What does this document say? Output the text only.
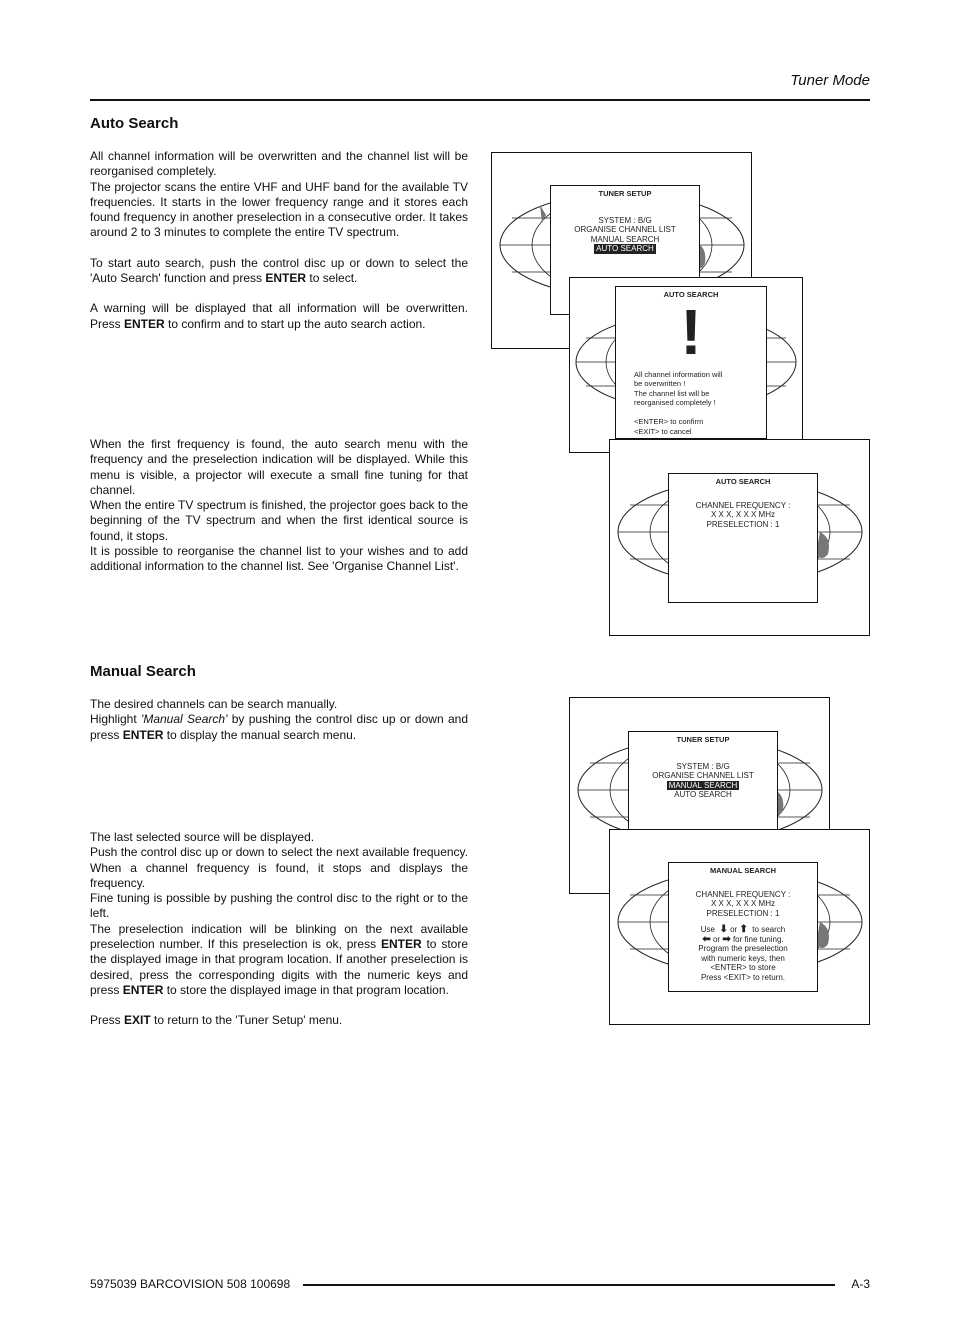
Tuner Mode
Auto Search

All channel information will be overwritten and the channel list will be reorganised completely.

The projector scans the entire VHF and UHF band for the available TV frequencies. It starts in the lower frequency range and it stores each found frequency in another preselection in a consecutive order. It takes around 2 to 3 minutes to complete the entire TV spectrum.

To start auto search, push the control disc up or down to select the 'Auto Search' function and press ENTER to select.

A warning will be displayed that all information will be overwritten. Press ENTER to confirm and to start up the auto search action.

When the first frequency is found, the auto search menu with the frequency and the preselection indication will be displayed. While this menu is visible, a projector will execute a small fine tuning for that channel.

When the entire TV spectrum is finished, the projector goes back to the beginning of the TV spectrum and when the first identical source is found, it stops.

It is possible to reorganise the channel list to your wishes and to add additional information to the channel list. See 'Organise Channel List'.

TUNER SETUP
SYSTEM : B/G
ORGANISE CHANNEL LIST
MANUAL SEARCH
AUTO SEARCH
AUTO SEARCH
!
All channel information will
be overwritten !
The channel list will be
reorganised completely !
<ENTER> to confirm
<EXIT> to cancel
AUTO SEARCH
CHANNEL FREQUENCY :
X X X, X X X MHz
PRESELECTION : 1
Manual Search

The desired channels can be search manually.

Highlight 'Manual Search' by pushing the control disc up or down and press ENTER to display the manual search menu.

The last selected source will be displayed.

Push the control disc up or down to select the next available frequency. When a channel frequency is found, it stops and displays the frequency.

Fine tuning is possible by pushing the control disc to the right or to the left.

The preselection indication will be blinking on the next available preselection number. If this preselection is ok, press ENTER to store the displayed image in that program location. If another preselection is desired, press the corresponding digits with the numeric keys and press ENTER to store the displayed image in that program location.

Press EXIT to return to the 'Tuner Setup' menu.

TUNER SETUP
SYSTEM : B/G
ORGANISE CHANNEL LIST
MANUAL SEARCH
AUTO SEARCH
MANUAL SEARCH
CHANNEL FREQUENCY :
X X X, X X X MHz
PRESELECTION : 1
Use ⬇ or ⬆ to search
⬅ or ➡ for fine tuning.
Program the preselection
with numeric keys, then
<ENTER> to store
Press <EXIT> to return.
5975039 BARCOVISION 508 100698	A-3
